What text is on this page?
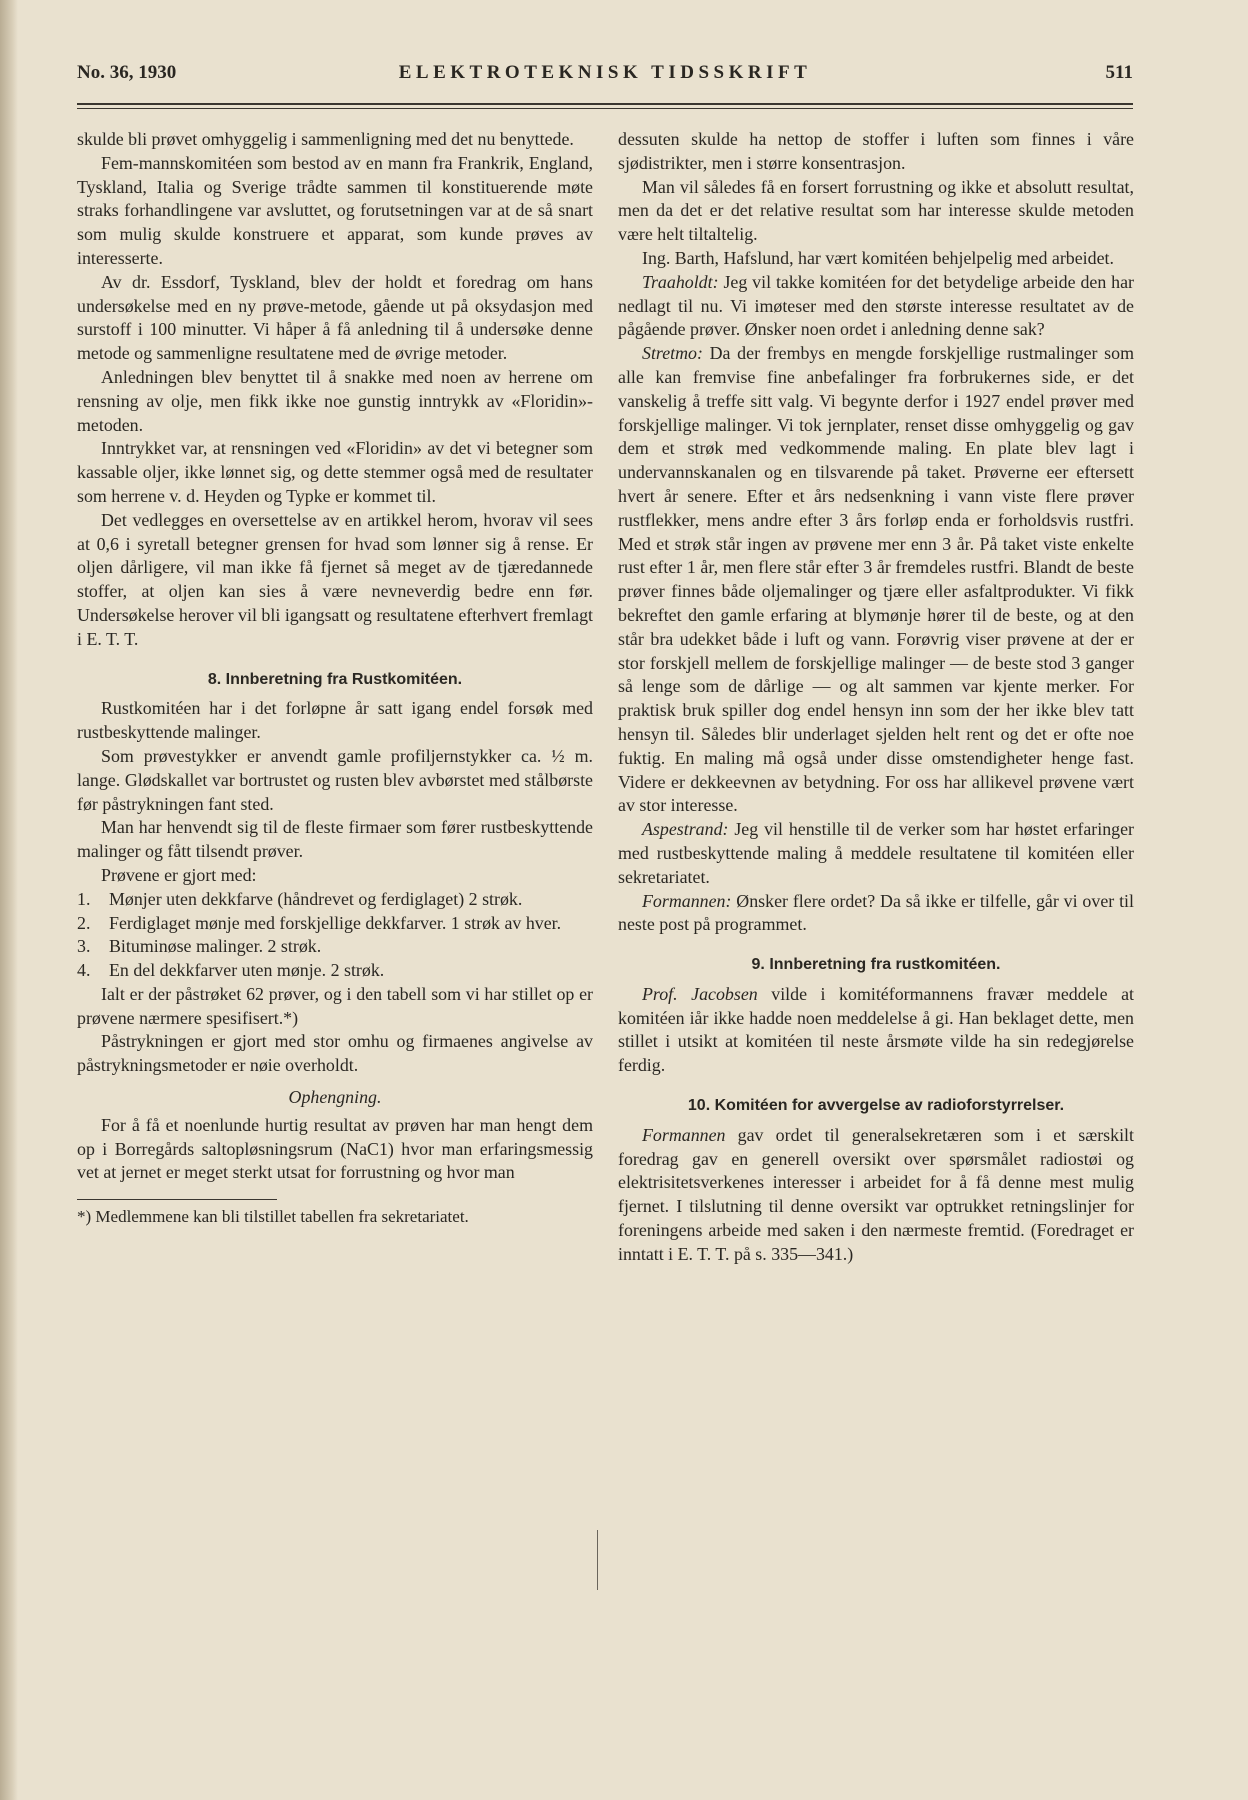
No. 36, 1930	ELEKTROTEKNISK TIDSSKRIFT	511

skulde bli prøvet omhyggelig i sammenligning med det nu benyttede.

Fem-mannskomitéen som bestod av en mann fra Frankrik, England, Tyskland, Italia og Sverige trådte sammen til konstituerende møte straks forhandlingene var avsluttet, og forutsetningen var at de så snart som mulig skulde konstruere et apparat, som kunde prøves av interesserte.

Av dr. Essdorf, Tyskland, blev der holdt et foredrag om hans undersøkelse med en ny prøve-metode, gående ut på oksydasjon med surstoff i 100 minutter. Vi håper å få anledning til å undersøke denne metode og sammenligne resultatene med de øvrige metoder.

Anledningen blev benyttet til å snakke med noen av herrene om rensning av olje, men fikk ikke noe gunstig inntrykk av «Floridin»-metoden.

Inntrykket var, at rensningen ved «Floridin» av det vi betegner som kassable oljer, ikke lønnet sig, og dette stemmer også med de resultater som herrene v. d. Heyden og Typke er kommet til.

Det vedlegges en oversettelse av en artikkel herom, hvorav vil sees at 0,6 i syretall betegner grensen for hvad som lønner sig å rense. Er oljen dårligere, vil man ikke få fjernet så meget av de tjæredannede stoffer, at oljen kan sies å være nevneverdig bedre enn før. Undersøkelse herover vil bli igangsatt og resultatene efterhvert fremlagt i E. T. T.

8. Innberetning fra Rustkomitéen.

Rustkomitéen har i det forløpne år satt igang endel forsøk med rustbeskyttende malinger.

Som prøvestykker er anvendt gamle profiljernstykker ca. ½ m. lange. Glødskallet var bortrustet og rusten blev avbørstet med stålbørste før påstrykningen fant sted.

Man har henvendt sig til de fleste firmaer som fører rustbeskyttende malinger og fått tilsendt prøver.

Prøvene er gjort med:

1. Mønjer uten dekkfarve (håndrevet og ferdiglaget) 2 strøk.
2. Ferdiglaget mønje med forskjellige dekkfarver. 1 strøk av hver.
3. Bituminøse malinger. 2 strøk.
4. En del dekkfarver uten mønje. 2 strøk.

Ialt er der påstrøket 62 prøver, og i den tabell som vi har stillet op er prøvene nærmere spesifisert.*)

Påstrykningen er gjort med stor omhu og firmaenes angivelse av påstrykningsmetoder er nøie overholdt.

Ophengning.

For å få et noenlunde hurtig resultat av prøven har man hengt dem op i Borregårds saltopløsningsrum (NaC1) hvor man erfaringsmessig vet at jernet er meget sterkt utsat for forrustning og hvor man

*) Medlemmene kan bli tilstillet tabellen fra sekretariatet.

dessuten skulde ha nettop de stoffer i luften som finnes i våre sjødistrikter, men i større konsentrasjon.

Man vil således få en forsert forrustning og ikke et absolutt resultat, men da det er det relative resultat som har interesse skulde metoden være helt tiltaltelig.

Ing. Barth, Hafslund, har vært komitéen behjelpelig med arbeidet.

Traaholdt: Jeg vil takke komitéen for det betydelige arbeide den har nedlagt til nu. Vi imøteser med den største interesse resultatet av de pågående prøver. Ønsker noen ordet i anledning denne sak?

Stretmo: Da der frembys en mengde forskjellige rustmalinger som alle kan fremvise fine anbefalinger fra forbrukernes side, er det vanskelig å treffe sitt valg. Vi begynte derfor i 1927 endel prøver med forskjellige malinger. Vi tok jernplater, renset disse omhyggelig og gav dem et strøk med vedkommende maling. En plate blev lagt i undervannskanalen og en tilsvarende på taket. Prøverne eer eftersett hvert år senere. Efter et års nedsenkning i vann viste flere prøver rustflekker, mens andre efter 3 års forløp enda er forholdsvis rustfri. Med et strøk står ingen av prøvene mer enn 3 år. På taket viste enkelte rust efter 1 år, men flere står efter 3 år fremdeles rustfri. Blandt de beste prøver finnes både oljemalinger og tjære eller asfaltprodukter. Vi fikk bekreftet den gamle erfaring at blymønje hører til de beste, og at den står bra udekket både i luft og vann. Forøvrig viser prøvene at der er stor forskjell mellem de forskjellige malinger — de beste stod 3 ganger så lenge som de dårlige — og alt sammen var kjente merker. For praktisk bruk spiller dog endel hensyn inn som der her ikke blev tatt hensyn til. Således blir underlaget sjelden helt rent og det er ofte noe fuktig. En maling må også under disse omstendigheter henge fast. Videre er dekkeevnen av betydning. For oss har allikevel prøvene vært av stor interesse.

Aspestrand: Jeg vil henstille til de verker som har høstet erfaringer med rustbeskyttende maling å meddele resultatene til komitéen eller sekretariatet.

Formannen: Ønsker flere ordet? Da så ikke er tilfelle, går vi over til neste post på programmet.

9. Innberetning fra rustkomitéen.

Prof. Jacobsen vilde i komitéformannens fravær meddele at komitéen iår ikke hadde noen meddelelse å gi. Han beklaget dette, men stillet i utsikt at komitéen til neste årsmøte vilde ha sin redegjørelse ferdig.

10. Komitéen for avvergelse av radioforstyrrelser.

Formannen gav ordet til generalsekretæren som i et særskilt foredrag gav en generell oversikt over spørsmålet radiostøi og elektrisitetsverkenes interesser i arbeidet for å få denne mest mulig fjernet. I tilslutning til denne oversikt var optrukket retningslinjer for foreningens arbeide med saken i den nærmeste fremtid. (Foredraget er inntatt i E. T. T. på s. 335—341.)
